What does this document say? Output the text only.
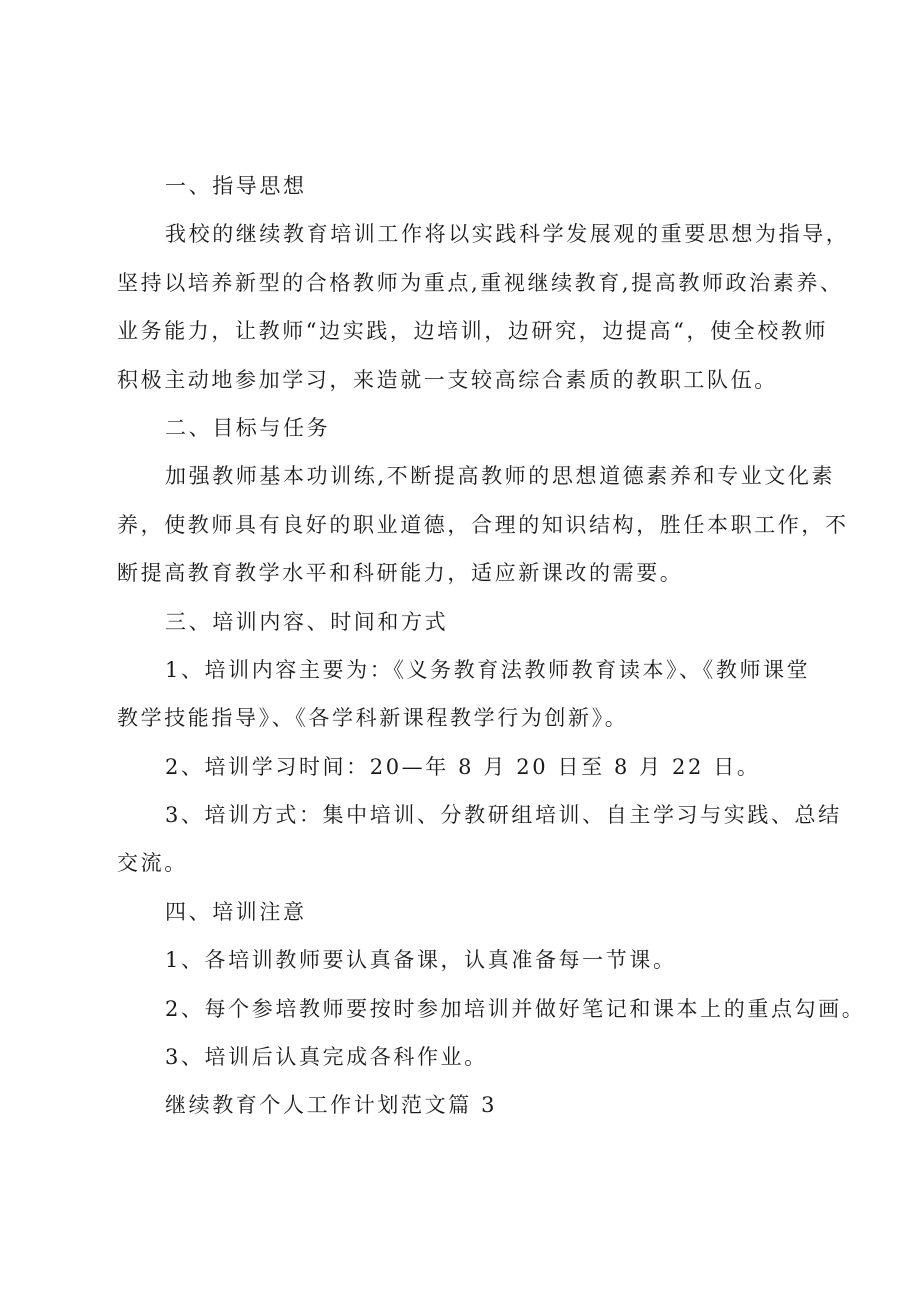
一、指导思想
我校的继续教育培训工作将以实践科学发展观的重要思想为指导，
坚持以培养新型的合格教师为重点,重视继续教育,提高教师政治素养、
业务能力，让教师“边实践，边培训，边研究，边提高“，使全校教师
积极主动地参加学习，来造就一支较高综合素质的教职工队伍。
二、目标与任务
加强教师基本功训练,不断提高教师的思想道德素养和专业文化素
养，使教师具有良好的职业道德，合理的知识结构，胜任本职工作，不
断提高教育教学水平和科研能力，适应新课改的需要。
三、培训内容、时间和方式
1、培训内容主要为：《义务教育法教师教育读本》、《教师课堂
教学技能指导》、《各学科新课程教学行为创新》。
2、培训学习时间：20—年 8 月 20 日至 8 月 22 日。
3、培训方式：集中培训、分教研组培训、自主学习与实践、总结
交流。
四、培训注意
1、各培训教师要认真备课，认真准备每一节课。
2、每个参培教师要按时参加培训并做好笔记和课本上的重点勾画。
3、培训后认真完成各科作业。
继续教育个人工作计划范文篇 3
